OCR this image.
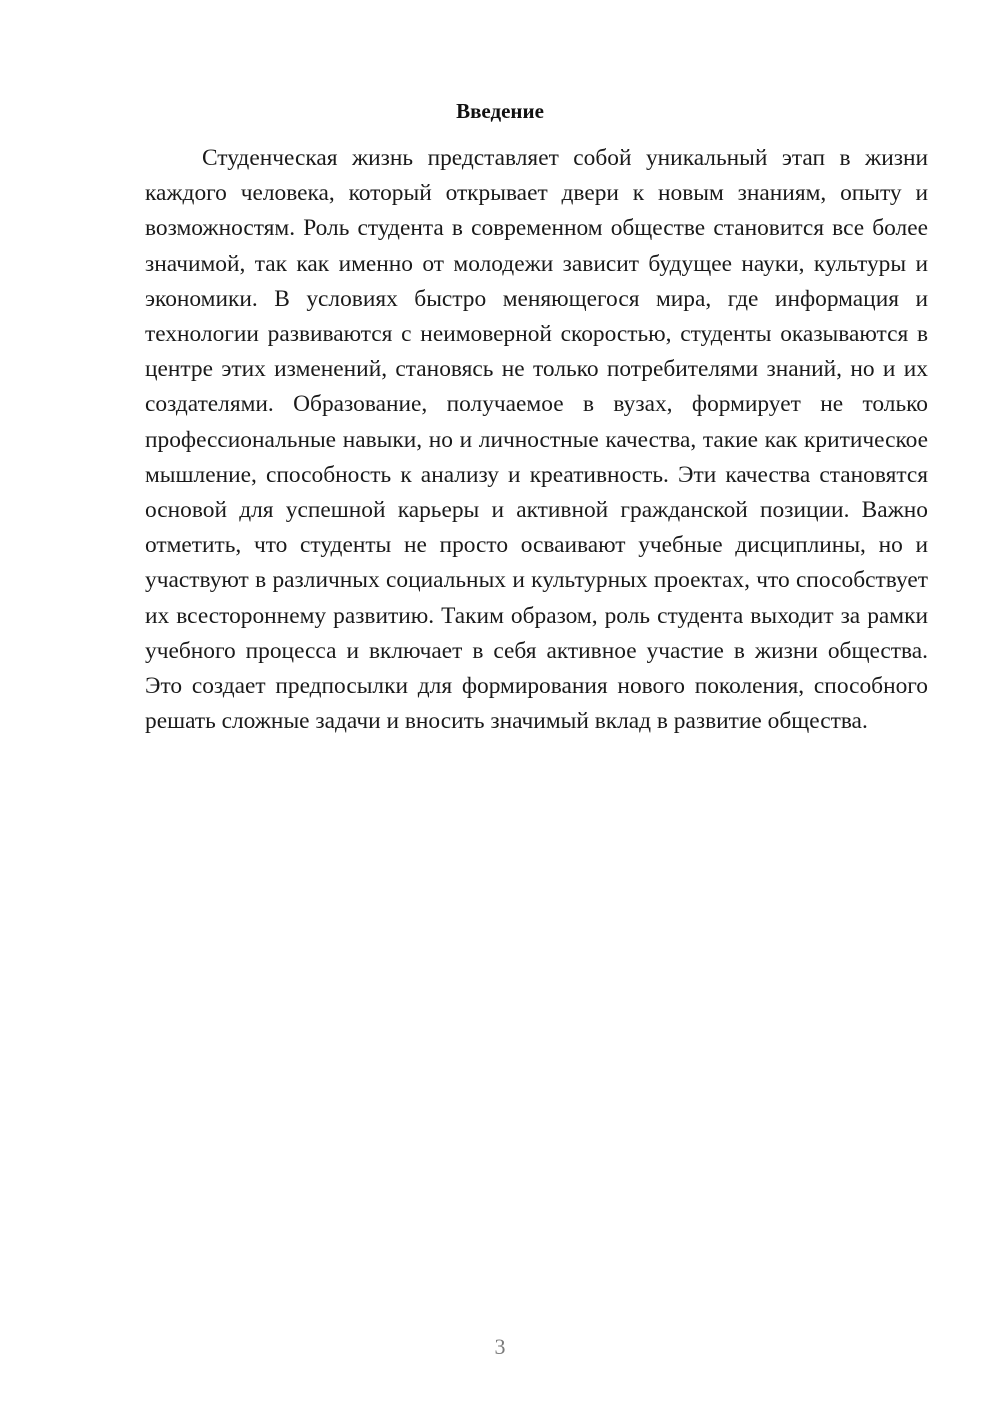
Введение

Студенческая жизнь представляет собой уникальный этап в жизни каждого человека, который открывает двери к новым знаниям, опыту и возможностям. Роль студента в современном обществе становится все более значимой, так как именно от молодежи зависит будущее науки, культуры и экономики. В условиях быстро меняющегося мира, где информация и технологии развиваются с неимоверной скоростью, студенты оказываются в центре этих изменений, становясь не только потребителями знаний, но и их создателями. Образование, получаемое в вузах, формирует не только профессиональные навыки, но и личностные качества, такие как критическое мышление, способность к анализу и креативность. Эти качества становятся основой для успешной карьеры и активной гражданской позиции. Важно отметить, что студенты не просто осваивают учебные дисциплины, но и участвуют в различных социальных и культурных проектах, что способствует их всестороннему развитию. Таким образом, роль студента выходит за рамки учебного процесса и включает в себя активное участие в жизни общества. Это создает предпосылки для формирования нового поколения, способного решать сложные задачи и вносить значимый вклад в развитие общества.

3
